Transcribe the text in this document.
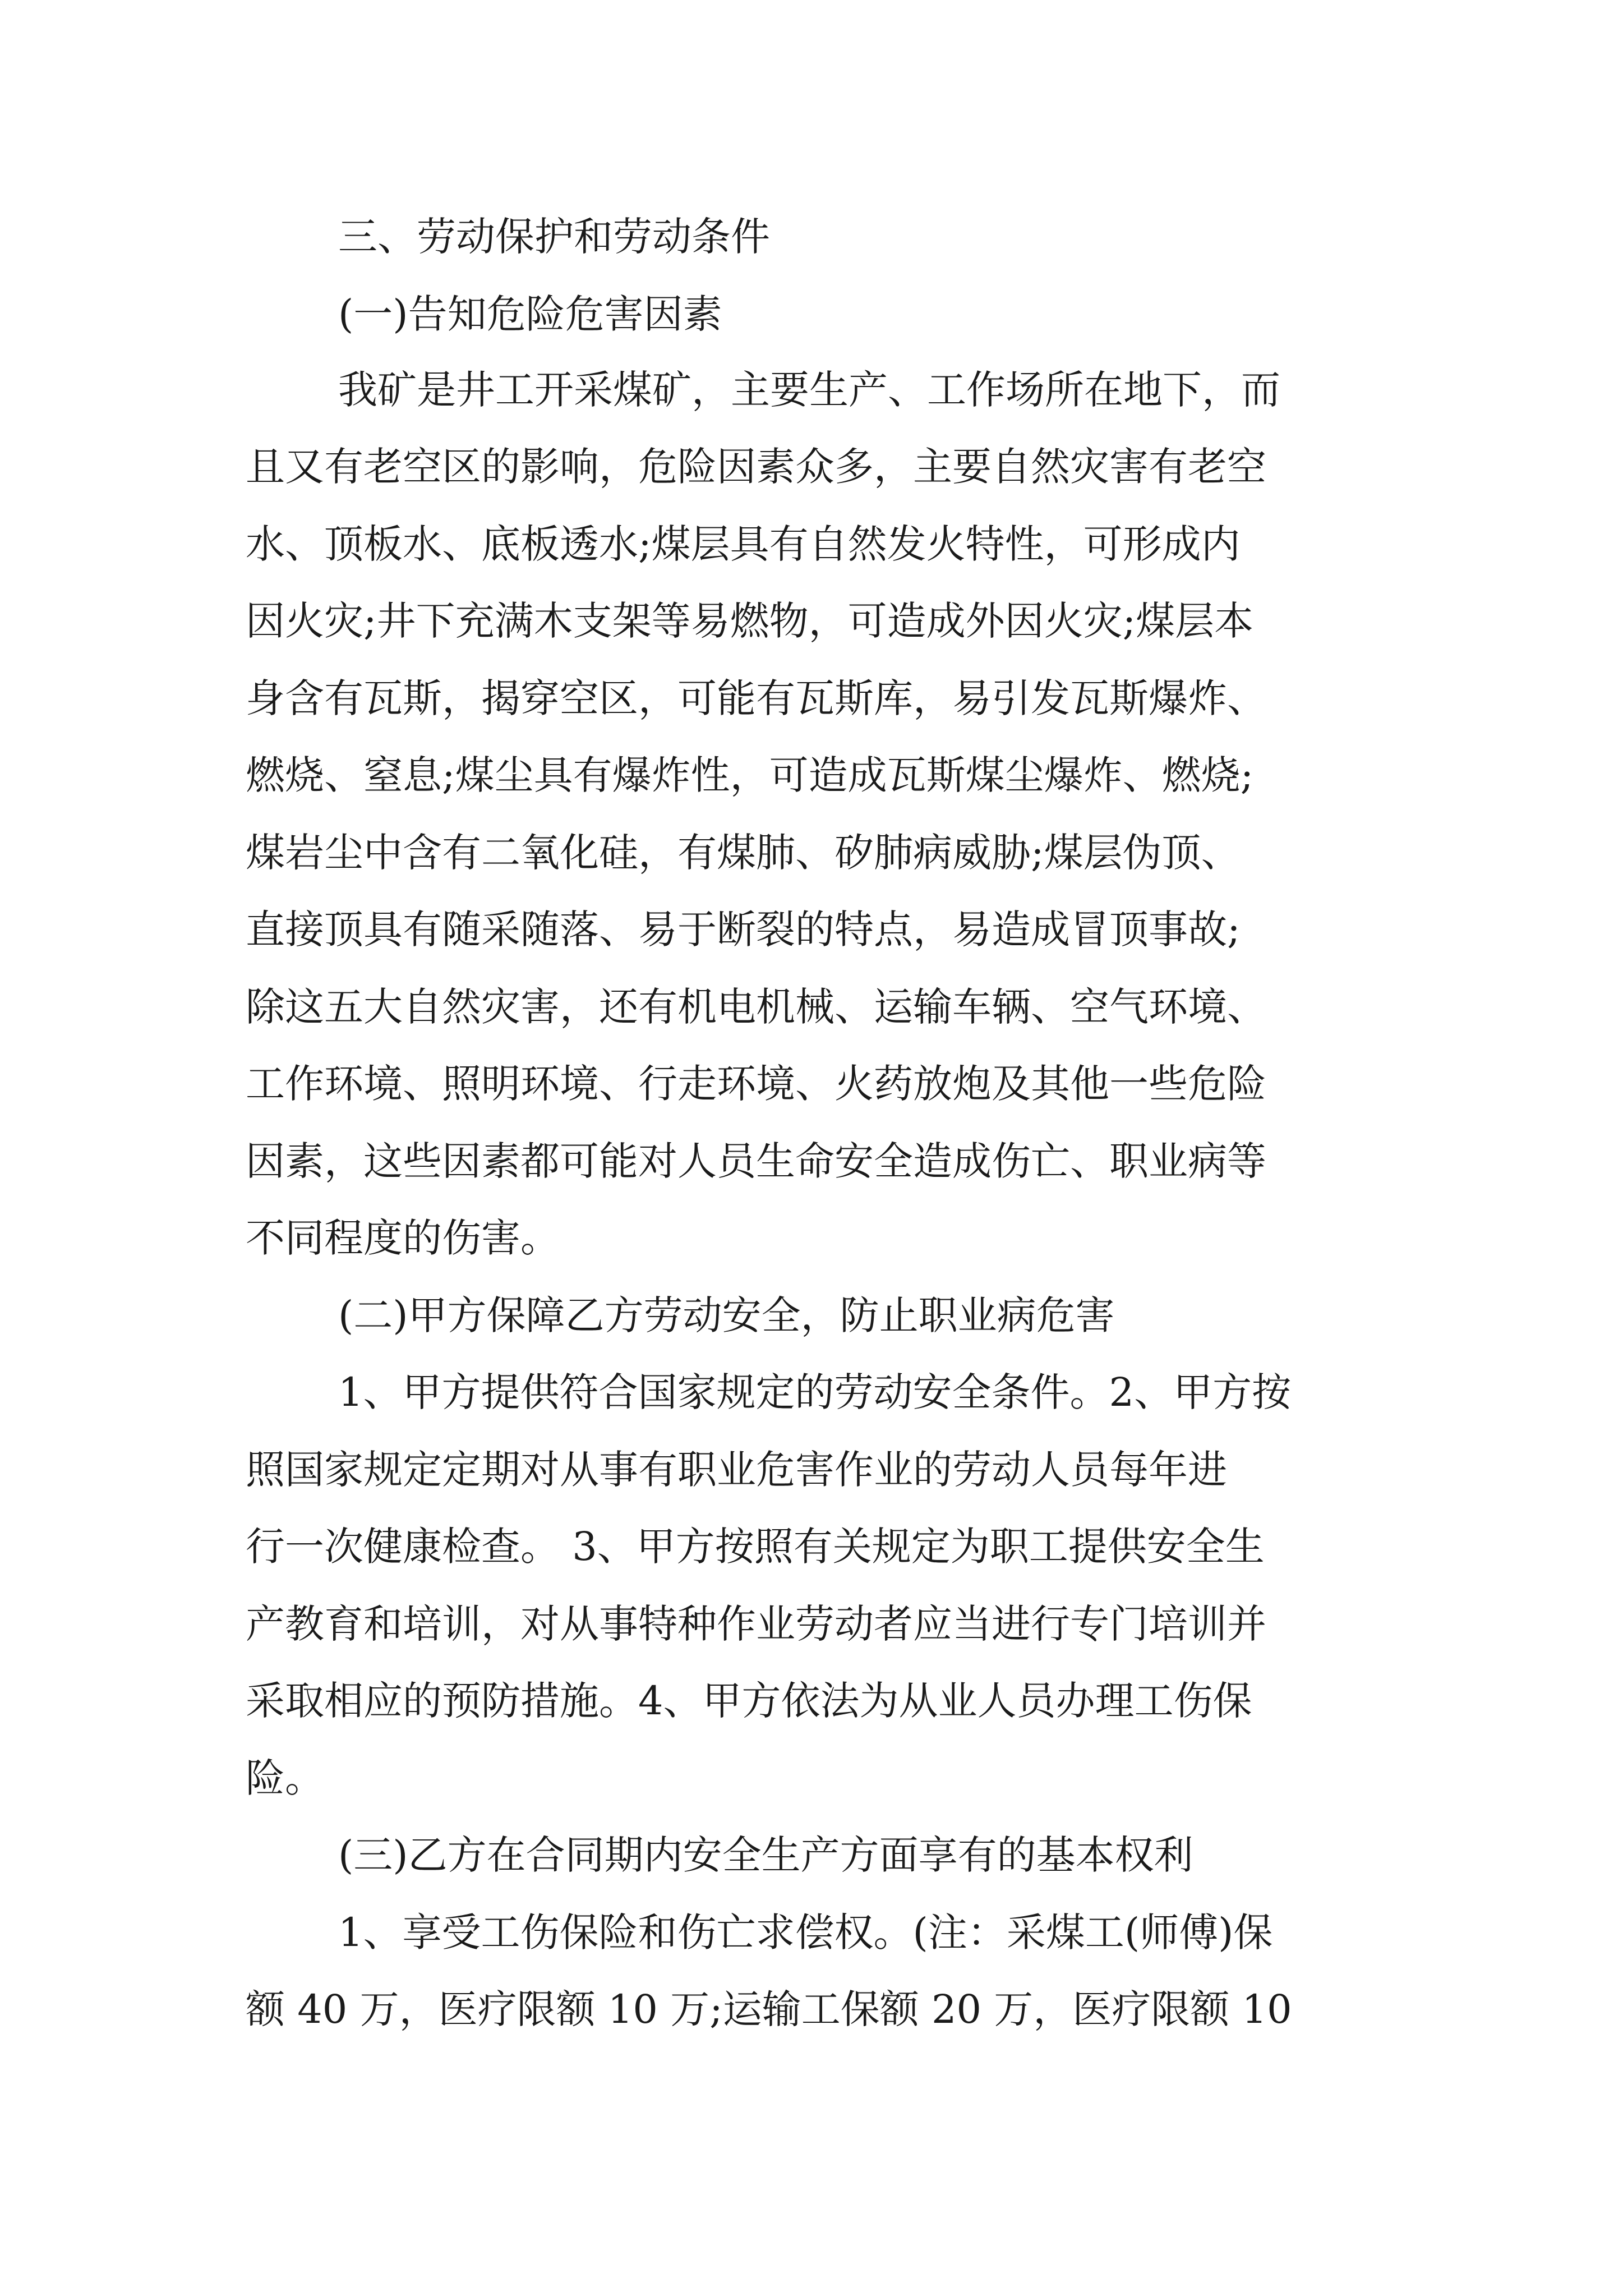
三、劳动保护和劳动条件
(一)告知危险危害因素
我矿是井工开采煤矿，主要生产、工作场所在地下，而
且又有老空区的影响，危险因素众多，主要自然灾害有老空
水、顶板水、底板透水;煤层具有自然发火特性，可形成内
因火灾;井下充满木支架等易燃物，可造成外因火灾;煤层本
身含有瓦斯，揭穿空区，可能有瓦斯库，易引发瓦斯爆炸、
燃烧、窒息;煤尘具有爆炸性，可造成瓦斯煤尘爆炸、燃烧;
煤岩尘中含有二氧化硅，有煤肺、矽肺病威胁;煤层伪顶、
直接顶具有随采随落、易于断裂的特点，易造成冒顶事故;
除这五大自然灾害，还有机电机械、运输车辆、空气环境、
工作环境、照明环境、行走环境、火药放炮及其他一些危险
因素，这些因素都可能对人员生命安全造成伤亡、职业病等
不同程度的伤害。
(二)甲方保障乙方劳动安全，防止职业病危害
1、甲方提供符合国家规定的劳动安全条件。2、甲方按
照国家规定定期对从事有职业危害作业的劳动人员每年进
行一次健康检查。 3、甲方按照有关规定为职工提供安全生
产教育和培训，对从事特种作业劳动者应当进行专门培训并
采取相应的预防措施。4、甲方依法为从业人员办理工伤保
险。
(三)乙方在合同期内安全生产方面享有的基本权利
1、享受工伤保险和伤亡求偿权。(注：采煤工(师傅)保
额 40 万，医疗限额 10 万;运输工保额 20 万，医疗限额 10
